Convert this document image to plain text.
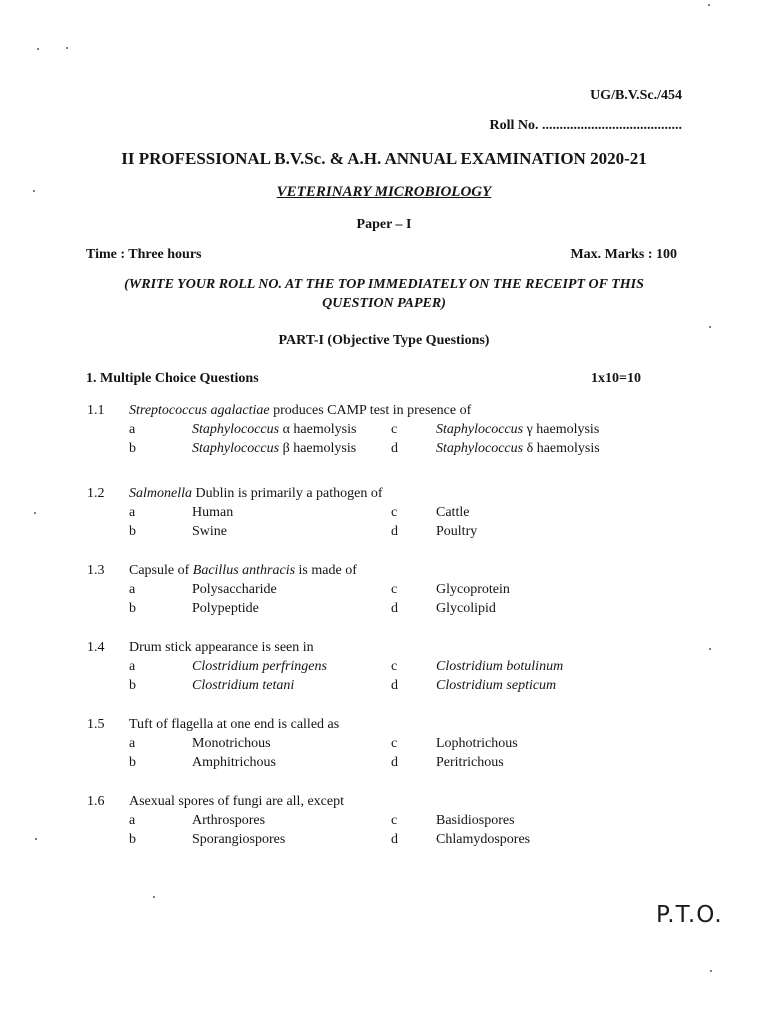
UG/B.V.Sc./454
Roll No. ........................................
II PROFESSIONAL B.V.Sc. & A.H. ANNUAL EXAMINATION 2020-21
VETERINARY MICROBIOLOGY
Paper – I
Time : Three hours	Max. Marks : 100
(WRITE YOUR ROLL NO. AT THE TOP IMMEDIATELY ON THE RECEIPT OF THIS
QUESTION PAPER)
PART-I (Objective Type Questions)
1. Multiple Choice Questions	1x10=10
1.1 Streptococcus agalactiae produces CAMP test in presence of
a	Staphylococcus α haemolysis
b	Staphylococcus β haemolysis
c	Staphylococcus γ haemolysis
d	Staphylococcus δ haemolysis
1.2 Salmonella Dublin is primarily a pathogen of
a	Human
b	Swine
c	Cattle
d	Poultry
1.3 Capsule of Bacillus anthracis is made of
a	Polysaccharide
b	Polypeptide
c	Glycoprotein
d	Glycolipid
1.4 Drum stick appearance is seen in
a	Clostridium perfringens
b	Clostridium tetani
c	Clostridium botulinum
d	Clostridium septicum
1.5 Tuft of flagella at one end is called as
a	Monotrichous
b	Amphitrichous
c	Lophotrichous
d	Peritrichous
1.6 Asexual spores of fungi are all, except
a	Arthrospores
b	Sporangiospores
c	Basidiospores
d	Chlamydospores
P.T.O.
